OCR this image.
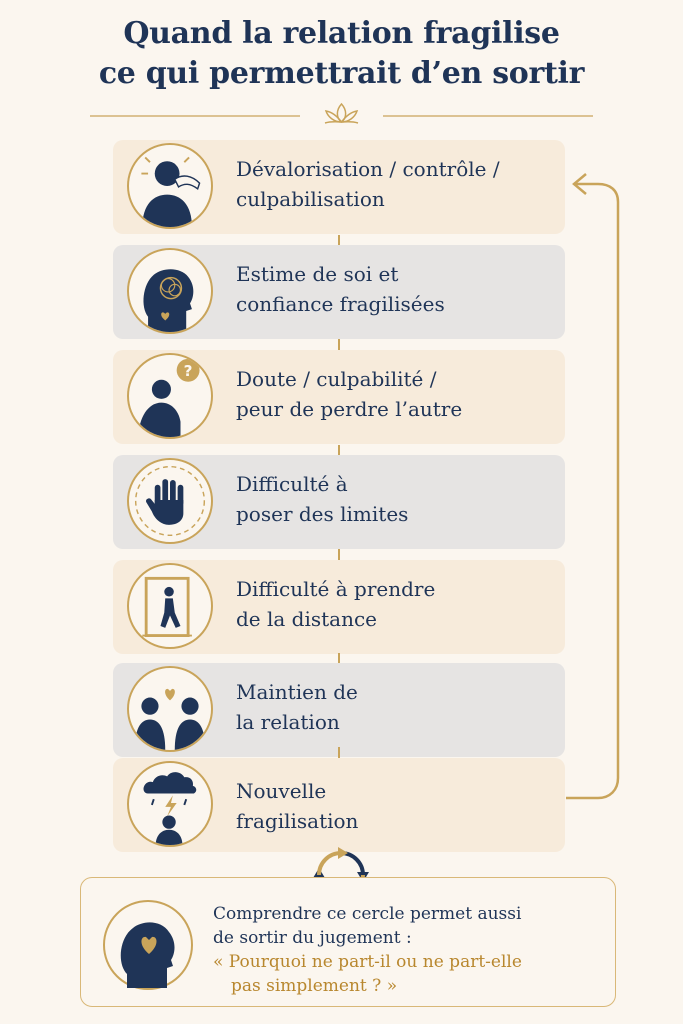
Quand la relation fragilise
ce qui permettrait d’en sortir
Dévalorisation / contrôle /
culpabilisation
Estime de soi et
confiance fragilisées
? Doute / culpabilité /
peur de perdre l’autre
Difficulté à
poser des limites
Difficulté à prendre
de la distance
Maintien de
la relation
Nouvelle
fragilisation
Comprendre ce cercle permet aussi
de sortir du jugement :
« Pourquoi ne part-il ou ne part-elle
pas simplement ? »
